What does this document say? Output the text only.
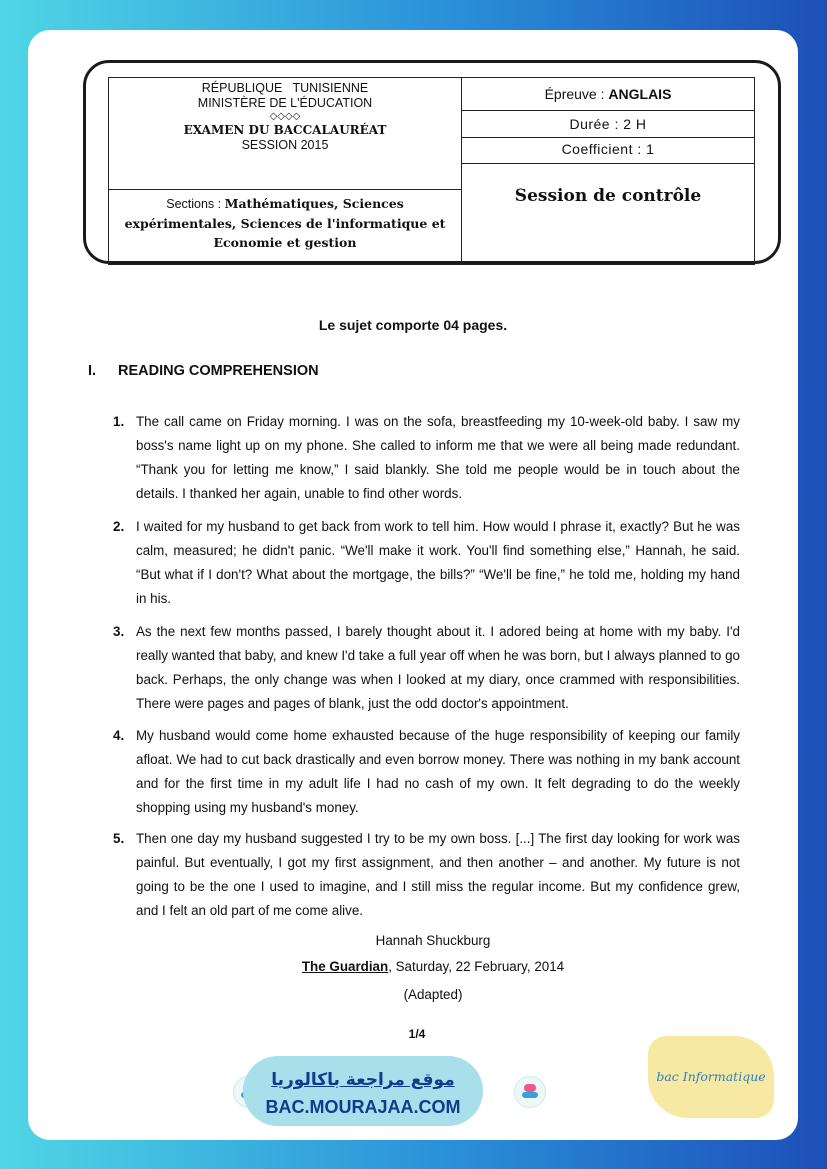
RÉPUBLIQUE   TUNISIENNE
MINISTÈRE DE L'ÉDUCATION
◇◇◇◇
EXAMEN DU BACCALAURÉAT
SESSION 2015
Sections : Mathématiques, Sciences
expérimentales, Sciences de l'informatique et
Economie et gestion
Épreuve : ANGLAIS
Durée : 2 H
Coefficient : 1
Session de contrôle
Le sujet comporte 04 pages.
I. READING COMPREHENSION
1. The call came on Friday morning. I was on the sofa, breastfeeding my 10-week-old baby. I saw my boss's name light up on my phone. She called to inform me that we were all being made redundant. “Thank you for letting me know,” I said blankly. She told me people would be in touch about the details. I thanked her again, unable to find other words.
2. I waited for my husband to get back from work to tell him. How would I phrase it, exactly? But he was calm, measured; he didn't panic. “We'll make it work. You'll find something else,” Hannah, he said. “But what if I don't? What about the mortgage, the bills?” “We'll be fine,” he told me, holding my hand in his.
3. As the next few months passed, I barely thought about it. I adored being at home with my baby. I'd really wanted that baby, and knew I'd take a full year off when he was born, but I always planned to go back. Perhaps, the only change was when I looked at my diary, once crammed with responsibilities. There were pages and pages of blank, just the odd doctor's appointment.
4. My husband would come home exhausted because of the huge responsibility of keeping our family afloat. We had to cut back drastically and even borrow money. There was nothing in my bank account and for the first time in my adult life I had no cash of my own. It felt degrading to do the weekly shopping using my husband's money.
5. Then one day my husband suggested I try to be my own boss. [...] The first day looking for work was painful. But eventually, I got my first assignment, and then another – and another. My future is not going to be the one I used to imagine, and I still miss the regular income. But my confidence grew, and I felt an old part of me come alive.
Hannah Shuckburg
The Guardian, Saturday, 22 February, 2014
(Adapted)
1/4
موقع مراجعة باكالوريا
BAC.MOURAJAA.COM
bac Informatique
